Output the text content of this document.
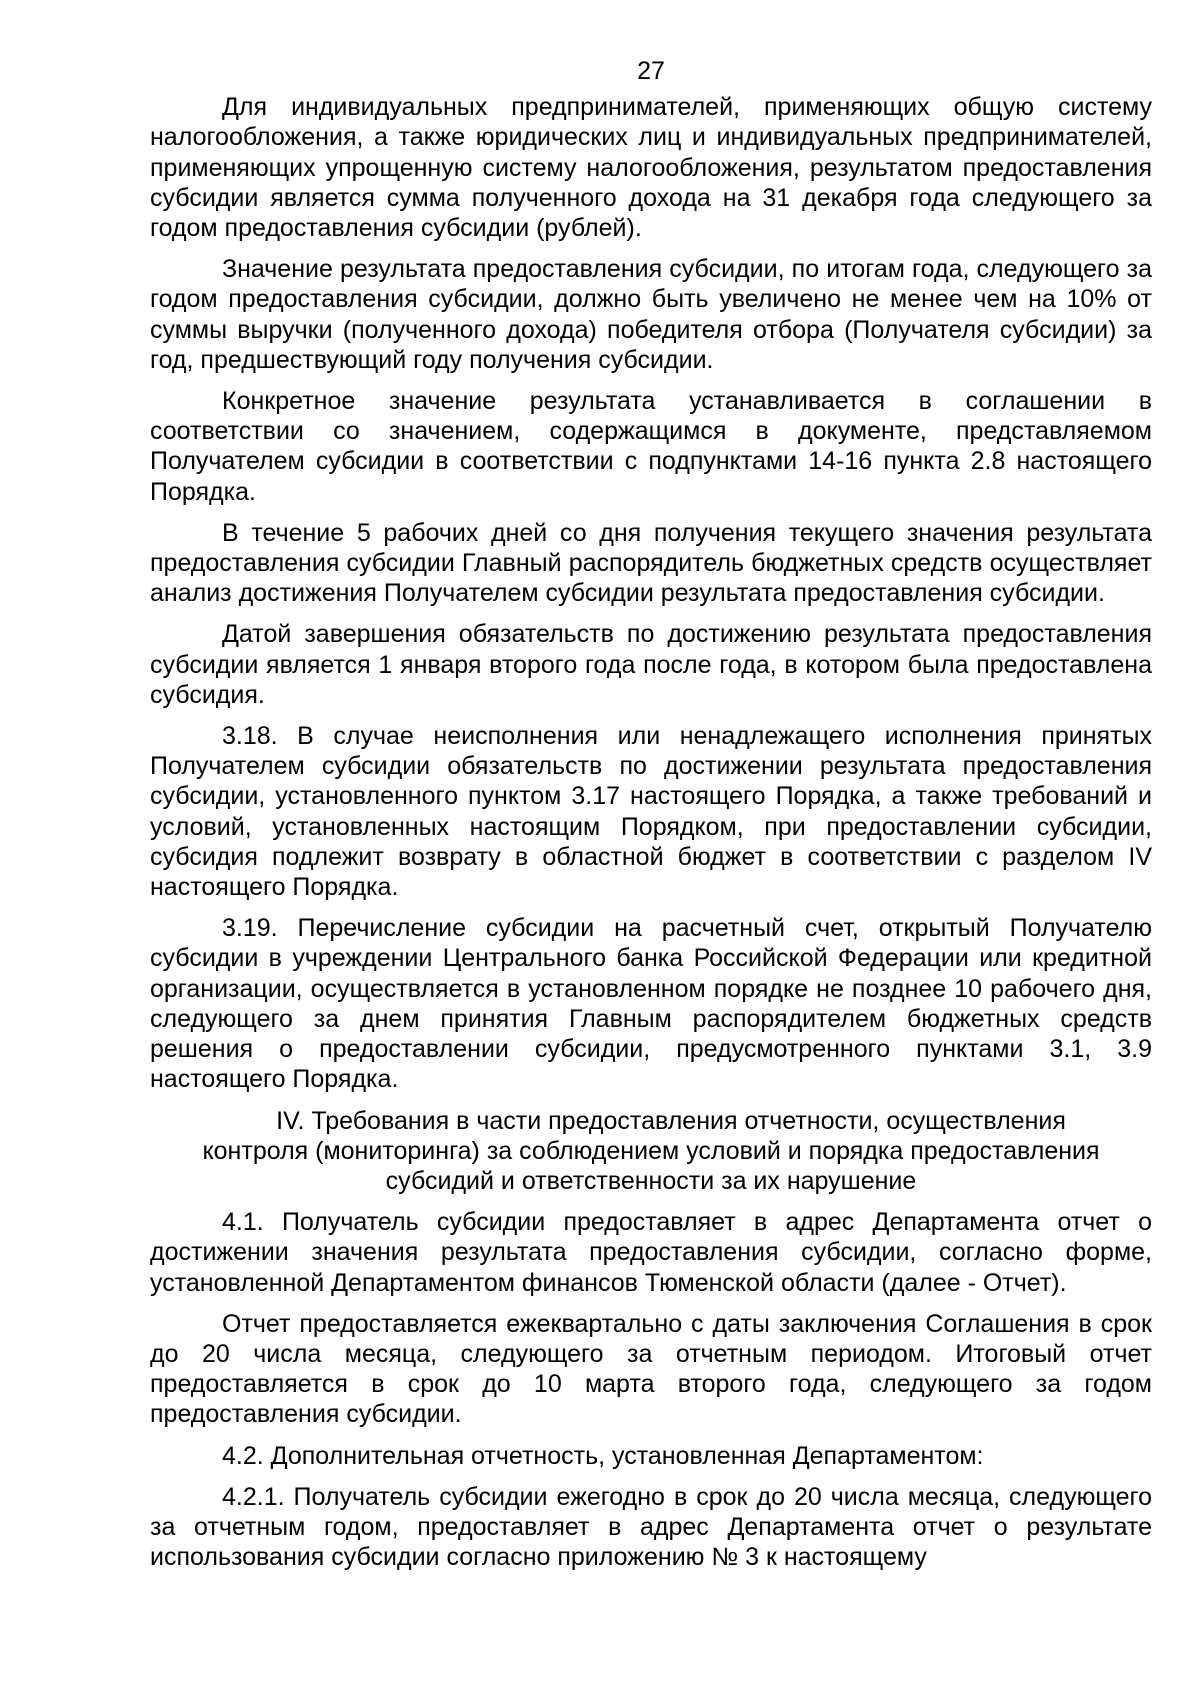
27

Для индивидуальных предпринимателей, применяющих общую систему налогообложения, а также юридических лиц и индивидуальных предпринимателей, применяющих упрощенную систему налогообложения, результатом предоставления субсидии является сумма полученного дохода на 31 декабря года следующего за годом предоставления субсидии (рублей).

Значение результата предоставления субсидии, по итогам года, следующего за годом предоставления субсидии, должно быть увеличено не менее чем на 10% от суммы выручки (полученного дохода) победителя отбора (Получателя субсидии) за год, предшествующий году получения субсидии.

Конкретное значение результата устанавливается в соглашении в соответствии со значением, содержащимся в документе, представляемом Получателем субсидии в соответствии с подпунктами 14-16 пункта 2.8 настоящего Порядка.

В течение 5 рабочих дней со дня получения текущего значения результата предоставления субсидии Главный распорядитель бюджетных средств осуществляет анализ достижения Получателем субсидии результата предоставления субсидии.

Датой завершения обязательств по достижению результата предоставления субсидии является 1 января второго года после года, в котором была предоставлена субсидия.

3.18. В случае неисполнения или ненадлежащего исполнения принятых Получателем субсидии обязательств по достижении результата предоставления субсидии, установленного пунктом 3.17 настоящего Порядка, а также требований и условий, установленных настоящим Порядком, при предоставлении субсидии, субсидия подлежит возврату в областной бюджет в соответствии с разделом IV настоящего Порядка.

3.19. Перечисление субсидии на расчетный счет, открытый Получателю субсидии в учреждении Центрального банка Российской Федерации или кредитной организации, осуществляется в установленном порядке не позднее 10 рабочего дня, следующего за днем принятия Главным распорядителем бюджетных средств решения о предоставлении субсидии, предусмотренного пунктами 3.1, 3.9 настоящего Порядка.

IV. Требования в части предоставления отчетности, осуществления
контроля (мониторинга) за соблюдением условий и порядка предоставления
субсидий и ответственности за их нарушение

4.1. Получатель субсидии предоставляет в адрес Департамента отчет о достижении значения результата предоставления субсидии, согласно форме, установленной Департаментом финансов Тюменской области (далее - Отчет).

Отчет предоставляется ежеквартально с даты заключения Соглашения в срок до 20 числа месяца, следующего за отчетным периодом. Итоговый отчет предоставляется в срок до 10 марта второго года, следующего за годом предоставления субсидии.

4.2. Дополнительная отчетность, установленная Департаментом:

4.2.1. Получатель субсидии ежегодно в срок до 20 числа месяца, следующего за отчетным годом, предоставляет в адрес Департамента отчет о результате использования субсидии согласно приложению № 3 к настоящему
